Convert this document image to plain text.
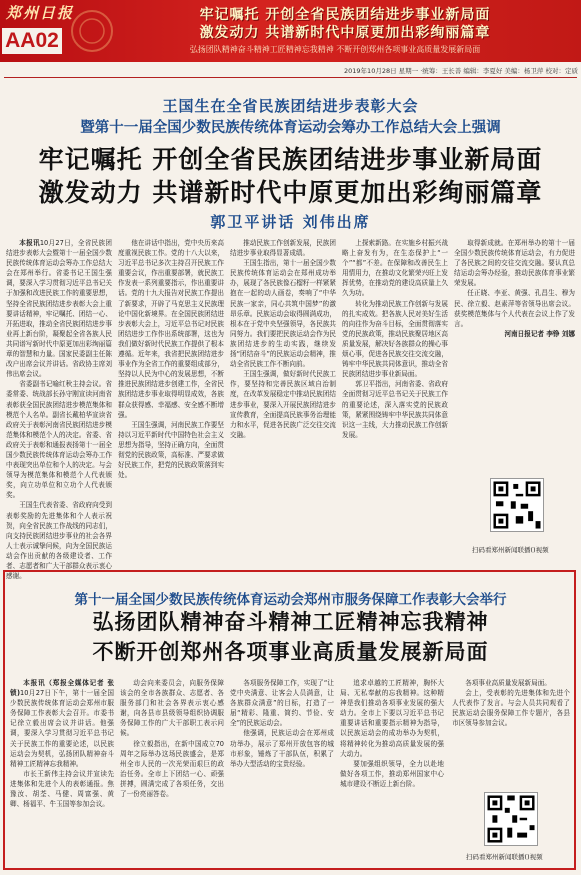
郑州日报
AA02
牢记嘱托 开创全省民族团结进步事业新局面
激发动力 共谱新时代中原更加出彩绚丽篇章
弘扬团队精神奋斗精神工匠精神忘我精神 不断开创郑州各项事业高质量发展新局面
2019年10月28日 星期一 ·统筹：王长善 编辑：李夏好 美编：杨卫萍 校对：定质
王国生在全省民族团结进步表彰大会
暨第十一届全国少数民族传统体育运动会筹办工作总结大会上强调
牢记嘱托 开创全省民族团结进步事业新局面
激发动力 共谱新时代中原更加出彩绚丽篇章
郭卫平讲话 刘伟出席

本报讯10月27日，全省民族团结进步表彰大会暨第十一届全国少数民族传统体育运动会筹办工作总结大会在郑州举行。省委书记王国生强调，要深入学习贯彻习近平总书记关于加强和改进民族工作的重要思想，坚持全省民族团结进步表彰大会上重要讲话精神，牢记嘱托、团结一心、开拓进取，推动全省民族团结进步事业再上新台阶，凝聚起全省各族人民共同谱写新时代中原更加出彩绚丽篇章的智慧和力量。国家民委副主任陈改户出席会议并讲话。省政协主席刘伟出席会议。

省委副书记喻红秋主持会议。省委常委、统战部长孙守刚宣读河南省表彰获全国民族团结进步模范集体和模范个人名单。副省长戴柏华宣读省政府关于表彰河南省民族团结进步模范集体和模范个人的决定。省委、省政府关于表彰和通报表扬第十一届全国少数民族传统体育运动会筹办工作中表现突出单位和个人的决定。与会领导为模范集体和模范个人代表颁奖，向立功单位和立功个人代表颁奖。

王国生代表省委、省政府向受到表彰奖励的先进集体和个人表示祝贺，向全省民族工作战线的同志们，向支持民族团结进步事业的社会各界人士表示诚挚问候，向为全国民族运动会作出贡献的各级建设者、工作者、志愿者和广大干部群众表示衷心感谢。

他在讲话中指出，党中央历来高度重视民族工作。党的十八大以来，习近平总书记多次主持召开民族工作重要会议，作出重要部署，就民族工作发表一系列重要指示，作出重要讲话。党的十九大报告对民族工作提出了新要求，开辟了马克思主义民族理论中国化新境界。在全国民族团结进步表彰大会上，习近平总书记对民族团结进步工作作出系统部署，这也为我们做好新时代民族工作提供了根本遵循。近年来，我省把民族团结进步事业作为全省工作的重要组成部分，坚持以人民为中心的发展思想，不断推进民族团结进步创建工作，全省民族团结进步事业取得明显成效，各族群众获得感、幸福感、安全感不断增强。

王国生强调，河南民族工作要坚持以习近平新时代中国特色社会主义思想为指导，坚持正确方向，全面贯彻党的民族政策，高标准、严要求做好民族工作，把党的民族政策落到实处。

推动民族工作创新发展，民族团结进步事业取得显著成绩。

王国生指出，第十一届全国少数民族传统体育运动会在郑州成功举办，展现了各民族像石榴籽一样紧紧抱在一起的动人画卷，奏响了“中华民族一家亲，同心共筑中国梦”的激昂乐章。民族运动会取得圆满成功，根本在于党中央坚强领导，各民族共同努力。我们要把民族运动会作为民族团结进步的生动实践，继续发扬“团结奋斗”的民族运动会精神，推动全省民族工作不断向前。

王国生强调，做好新时代民族工作，要坚持和完善民族区域自治制度，在改革发展稳定中推动民族团结进步事业，要深入开展民族团结进步宣传教育，全面提高民族事务治理能力和水平，促进各民族广泛交往交流交融。

上探索新路。在实施乡村振兴战略上奋发有为，在生态保护上“一个”“都”不差。在保障和改善民生上用情用力，在推动文化繁荣兴旺上发挥优势，在推动党的建设高质量上久久为功。

转化为推动民族工作创新与发展的扎实成效。把各族人民对美好生活的向往作为奋斗目标，全面贯彻落实党的民族政策，推动民族聚居地区高质量发展，解决好各族群众的操心事烦心事，促进各民族交往交流交融，铸牢中华民族共同体意识，推动全省民族团结进步事业新局面。

郭卫平指出，河南省委、省政府全面贯彻习近平总书记关于民族工作的重要论述，深入落实党的民族政策，紧紧围绕铸牢中华民族共同体意识这一主线，大力推动民族工作创新发展。

取得新成就。在郑州举办的第十一届全国少数民族传统体育运动会，有力促进了各民族之间的交往交流交融。要认真总结运动会筹办经验，推动民族体育事业繁荣发展。

任正晓、李亚、黄强、孔昌生、穆为民、徐立毅、赵素萍等省领导出席会议。获奖模范集体与个人代表在会议上作了发言。

河南日报记者 李铮 刘娜

扫码看郑州新闻联播()视频
第十一届全国少数民族传统体育运动会郑州市服务保障工作表彰大会举行
弘扬团队精神奋斗精神工匠精神忘我精神
不断开创郑州各项事业高质量发展新局面

本报讯（郑报全媒体记者 张锁)10月27日下午，第十一届全国少数民族传统体育运动会郑州市服务保障工作表彰大会召开。市委书记徐立毅出席会议并讲话。他强调，要深入学习贯彻习近平总书记关于民族工作的重要论述，以民族运动会为契机，弘扬团队精神奋斗精神工匠精神忘我精神。

市长王新伟主持会议并宣读先进集体和先进个人的表彰通报。焦豫汝、胡荃、马健、周富强、黄卿、杨福平、牛玉国等参加会议。

动会向来委员会，向服务保障该会的全市各族群众、志愿者、各服务部门和社会各界表示衷心感谢，向各县市县级领导组织协调服务保障工作的广大干部职工表示问候。

徐立毅指出，在新中国成立70周年之际举办这场民族盛会，是郑州全市人民的一次光荣而艰巨的政治任务。全市上下团结一心、顽强拼搏，圆满完成了各项任务，交出了一份亮丽答卷。

各项服务保障工作，实现了“让党中央满意、让客会人员满意，让各族群众满意”的目标，打造了一届“精彩、隆重、简约、节俭、安全”的民族运动会。

他强调，民族运动会在郑州成功举办，展示了郑州开放包容的城市形象，锤炼了干部队伍，积累了举办大型活动的宝贵经验。

追求卓越的工匠精神，胸怀大局、无私奉献的忘我精神。这种精神是我们推动各项事业发展的强大动力。全市上下要以习近平总书记重要讲话和重要指示精神为指导，以民族运动会的成功举办为契机，将精神转化为推动高质量发展的强大动力。

要加强组织领导，全力以赴地做好各项工作，推动郑州国家中心城市建设不断迈上新台阶。

各项事业高质量发展新局面。

会上，受表彰的先进集体和先进个人代表作了发言。与会人员共同观看了民族运动会服务保障工作专题片，各县市区领导参加会议。

扫码看郑州新闻联播()视频
